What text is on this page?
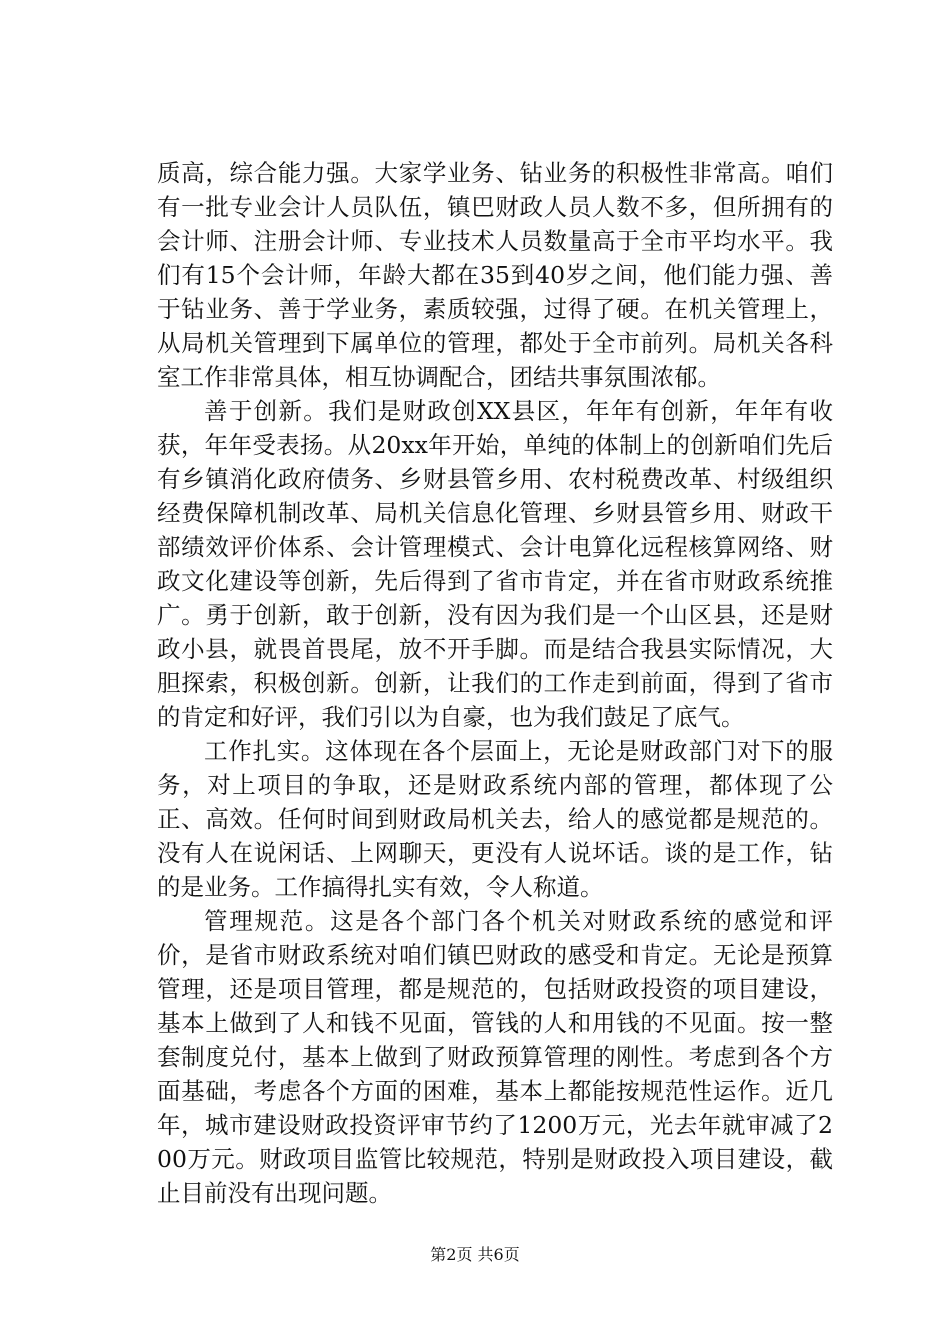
质高，综合能力强。大家学业务、钻业务的积极性非常高。咱们有一批专业会计人员队伍，镇巴财政人员人数不多，但所拥有的会计师、注册会计师、专业技术人员数量高于全市平均水平。我们有15个会计师，年龄大都在35到40岁之间，他们能力强、善于钻业务、善于学业务，素质较强，过得了硬。在机关管理上，从局机关管理到下属单位的管理，都处于全市前列。局机关各科室工作非常具体，相互协调配合，团结共事氛围浓郁。

善于创新。我们是财政创XX县区，年年有创新，年年有收获，年年受表扬。从20xx年开始，单纯的体制上的创新咱们先后有乡镇消化政府债务、乡财县管乡用、农村税费改革、村级组织经费保障机制改革、局机关信息化管理、乡财县管乡用、财政干部绩效评价体系、会计管理模式、会计电算化远程核算网络、财政文化建设等创新，先后得到了省市肯定，并在省市财政系统推广。勇于创新，敢于创新，没有因为我们是一个山区县，还是财政小县，就畏首畏尾，放不开手脚。而是结合我县实际情况，大胆探索，积极创新。创新，让我们的工作走到前面，得到了省市的肯定和好评，我们引以为自豪，也为我们鼓足了底气。

工作扎实。这体现在各个层面上，无论是财政部门对下的服务，对上项目的争取，还是财政系统内部的管理，都体现了公正、高效。任何时间到财政局机关去，给人的感觉都是规范的。没有人在说闲话、上网聊天，更没有人说坏话。谈的是工作，钻的是业务。工作搞得扎实有效，令人称道。

管理规范。这是各个部门各个机关对财政系统的感觉和评价，是省市财政系统对咱们镇巴财政的感受和肯定。无论是预算管理，还是项目管理，都是规范的，包括财政投资的项目建设，基本上做到了人和钱不见面，管钱的人和用钱的不见面。按一整套制度兑付，基本上做到了财政预算管理的刚性。考虑到各个方面基础，考虑各个方面的困难，基本上都能按规范性运作。近几年，城市建设财政投资评审节约了1200万元，光去年就审减了200万元。财政项目监管比较规范，特别是财政投入项目建设，截止目前没有出现问题。

第2页 共6页
